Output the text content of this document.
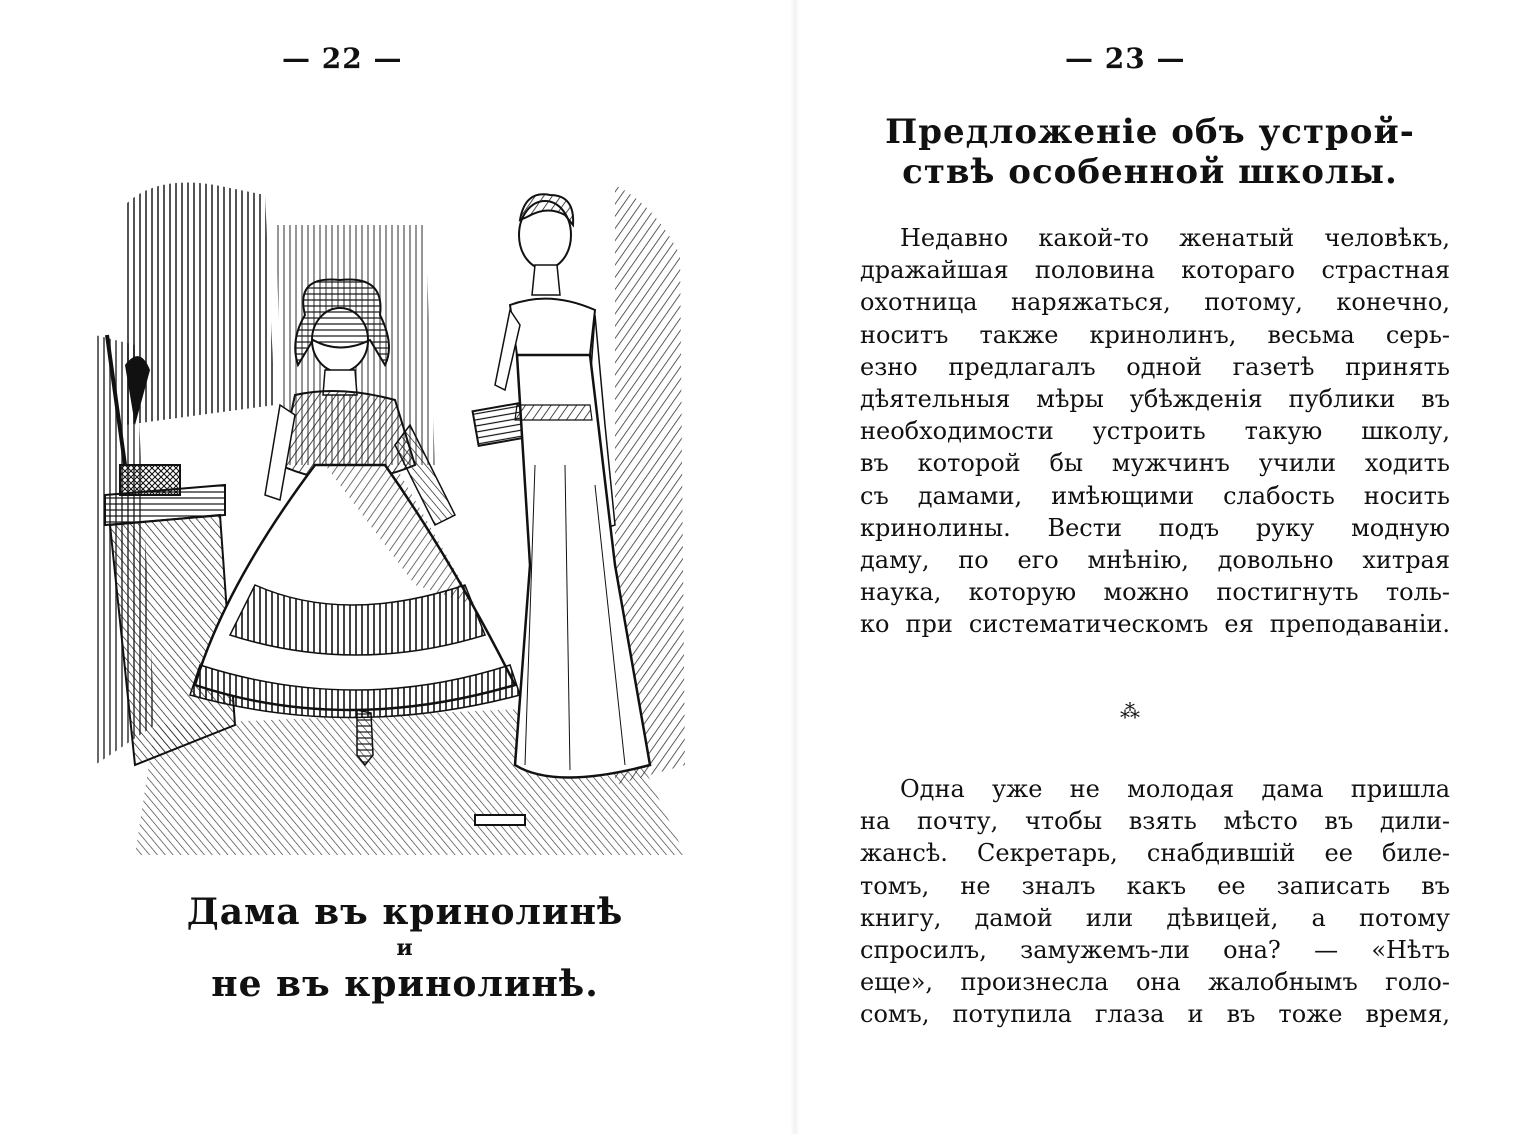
— 22 —
Дама въ кринолинѣ
и
не въ кринолинѣ.
— 23 —
Предложеніе объ устрой-
ствѣ особенной школы.
Недавно какой-то женатый человѣкъ,
дражайшая половина котораго страстная
охотница наряжаться, потому, конечно,
носитъ также кринолинъ, весьма серь-
езно предлагалъ одной газетѣ принять
дѣятельныя мѣры убѣжденія публики въ
необходимости устроить такую школу,
въ которой бы мужчинъ учили ходить
съ дамами, имѣющими слабость носить
кринолины. Вести подъ руку модную
даму, по его мнѣнію, довольно хитрая
наука, которую можно постигнуть толь-
ко при систематическомъ ея преподаваніи.
⁂
Одна уже не молодая дама пришла
на почту, чтобы взять мѣсто въ дили-
жансѣ. Секретарь, снабдившій ее биле-
томъ, не зналъ какъ ее записать въ
книгу, дамой или дѣвицей, а потому
спросилъ, замужемъ-ли она? — «Нѣтъ
еще», произнесла она жалобнымъ голо-
сомъ, потупила глаза и въ тоже время,
